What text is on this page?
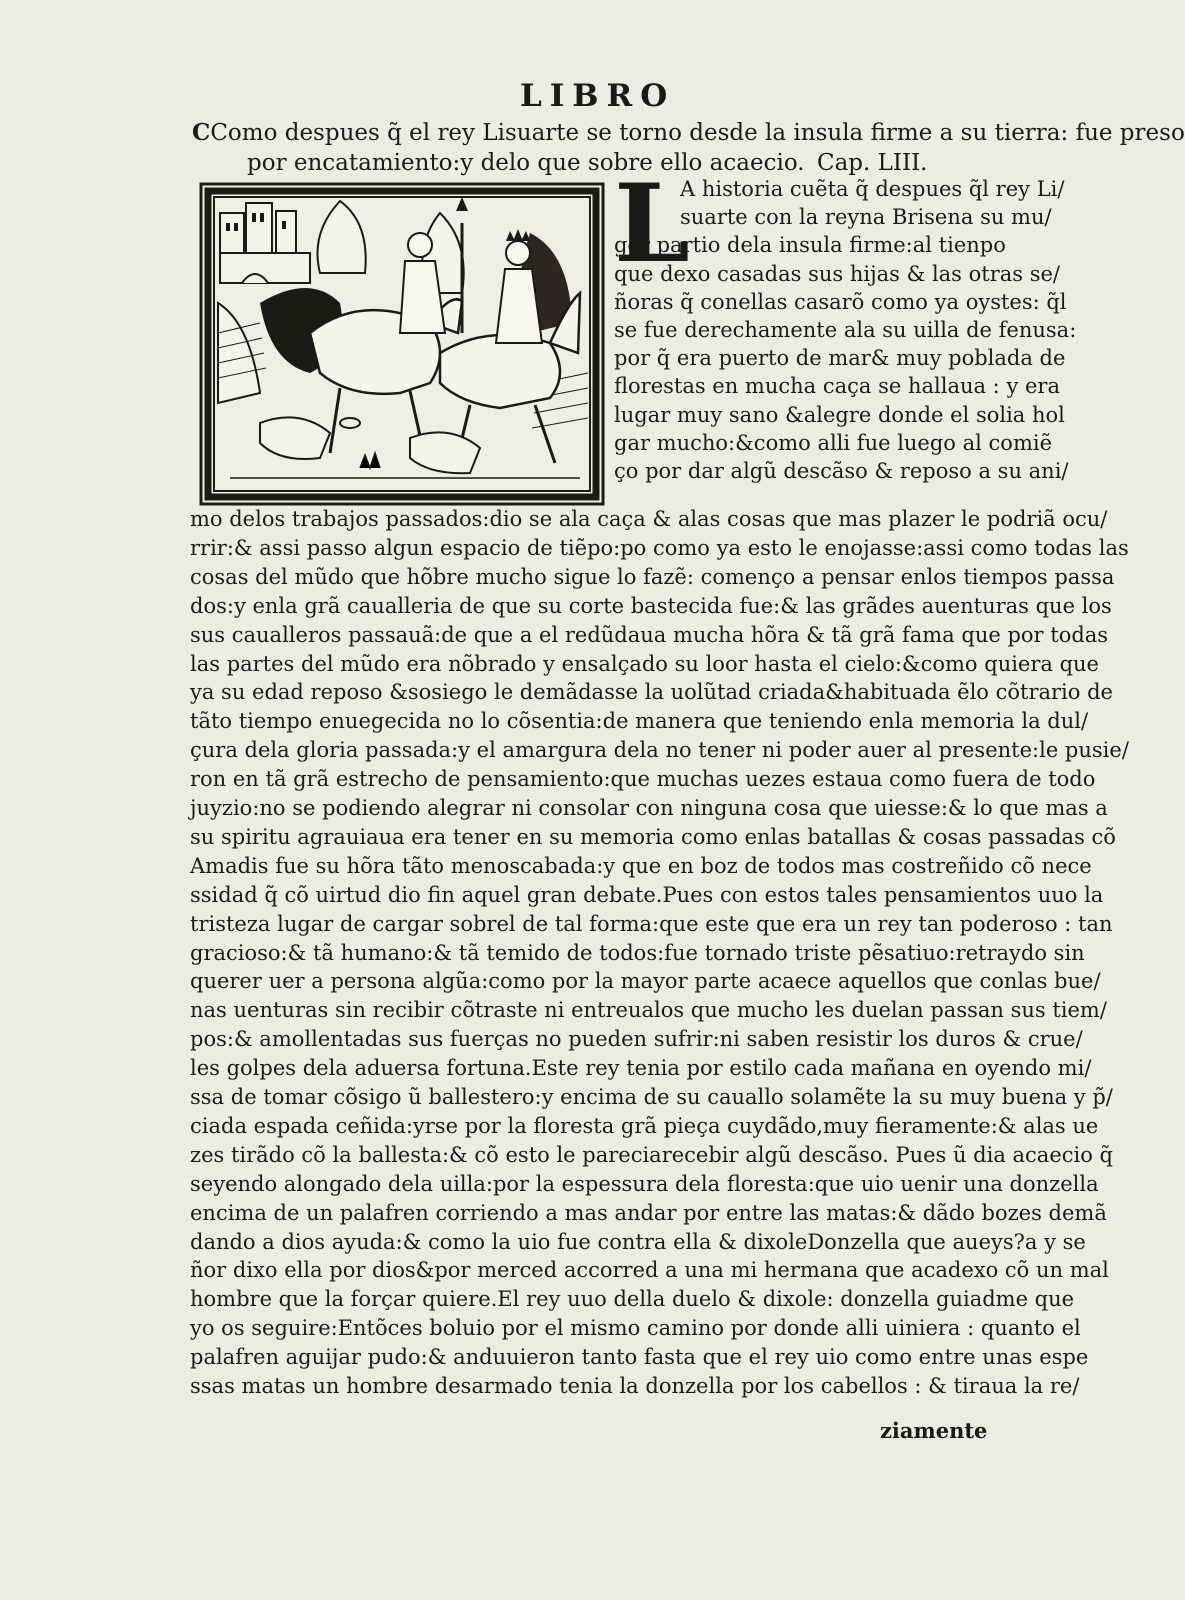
LIBRO
CComo despues q̃ el rey Lisuarte se torno desde la insula firme a su tierra: fue preso
por encatamiento:y delo que sobre ello acaecio. Cap. LIII.
L
A historia cuẽta q̃ despues q̃l rey Li/
suarte con la reyna Brisena su mu/
ger partio dela insula firme:al tienpo
que dexo casadas sus hijas & las otras se/
ñoras q̃ conellas casarõ como ya oystes: q̃l
se fue derechamente ala su uilla de fenusa:
por q̃ era puerto de mar& muy poblada de
florestas en mucha caça se hallaua : y era
lugar muy sano &alegre donde el solia hol
gar mucho:&como alli fue luego al comiẽ
ço por dar algũ descãso & reposo a su ani/
mo delos trabajos passados:dio se ala caça & alas cosas que mas plazer le podriã ocu/
rrir:& assi passo algun espacio de tiẽpo:po como ya esto le enojasse:assi como todas las
cosas del mũdo que hõbre mucho sigue lo fazẽ: començo a pensar enlos tiempos passa
dos:y enla grã caualleria de que su corte bastecida fue:& las grãdes auenturas que los
sus caualleros passauã:de que a el redũdaua mucha hõra & tã grã fama que por todas
las partes del mũdo era nõbrado y ensalçado su loor hasta el cielo:&como quiera que
ya su edad reposo &sosiego le demãdasse la uolũtad criada&habituada ẽlo cõtrario de
tãto tiempo enuegecida no lo cõsentia:de manera que teniendo enla memoria la dul/
çura dela gloria passada:y el amargura dela no tener ni poder auer al presente:le pusie/
ron en tã grã estrecho de pensamiento:que muchas uezes estaua como fuera de todo
juyzio:no se podiendo alegrar ni consolar con ninguna cosa que uiesse:& lo que mas a
su spiritu agrauiaua era tener en su memoria como enlas batallas & cosas passadas cõ
Amadis fue su hõra tãto menoscabada:y que en boz de todos mas costreñido cõ nece
ssidad q̃ cõ uirtud dio fin aquel gran debate.Pues con estos tales pensamientos uuo la
tristeza lugar de cargar sobrel de tal forma:que este que era un rey tan poderoso : tan
gracioso:& tã humano:& tã temido de todos:fue tornado triste pẽsatiuo:retraydo sin
querer uer a persona algũa:como por la mayor parte acaece aquellos que conlas bue/
nas uenturas sin recibir cõtraste ni entreualos que mucho les duelan passan sus tiem/
pos:& amollentadas sus fuerças no pueden sufrir:ni saben resistir los duros & crue/
les golpes dela aduersa fortuna.Este rey tenia por estilo cada mañana en oyendo mi/
ssa de tomar cõsigo ũ ballestero:y encima de su cauallo solamẽte la su muy buena y p̃/
ciada espada ceñida:yrse por la floresta grã pieça cuydãdo,muy fieramente:& alas ue
zes tirãdo cõ la ballesta:& cõ esto le pareciarecebir algũ descãso. Pues ũ dia acaecio q̃
seyendo alongado dela uilla:por la espessura dela floresta:que uio uenir una donzella
encima de un palafren corriendo a mas andar por entre las matas:& dãdo bozes demã
dando a dios ayuda:& como la uio fue contra ella & dixoleDonzella que aueys?a y se
ñor dixo ella por dios&por merced accorred a una mi hermana que acadexo cõ un mal
hombre que la forçar quiere.El rey uuo della duelo & dixole: donzella guiadme que
yo os seguire:Entõces boluio por el mismo camino por donde alli uiniera : quanto el
palafren aguijar pudo:& anduuieron tanto fasta que el rey uio como entre unas espe
ssas matas un hombre desarmado tenia la donzella por los cabellos : & tiraua la re/
ziamente
